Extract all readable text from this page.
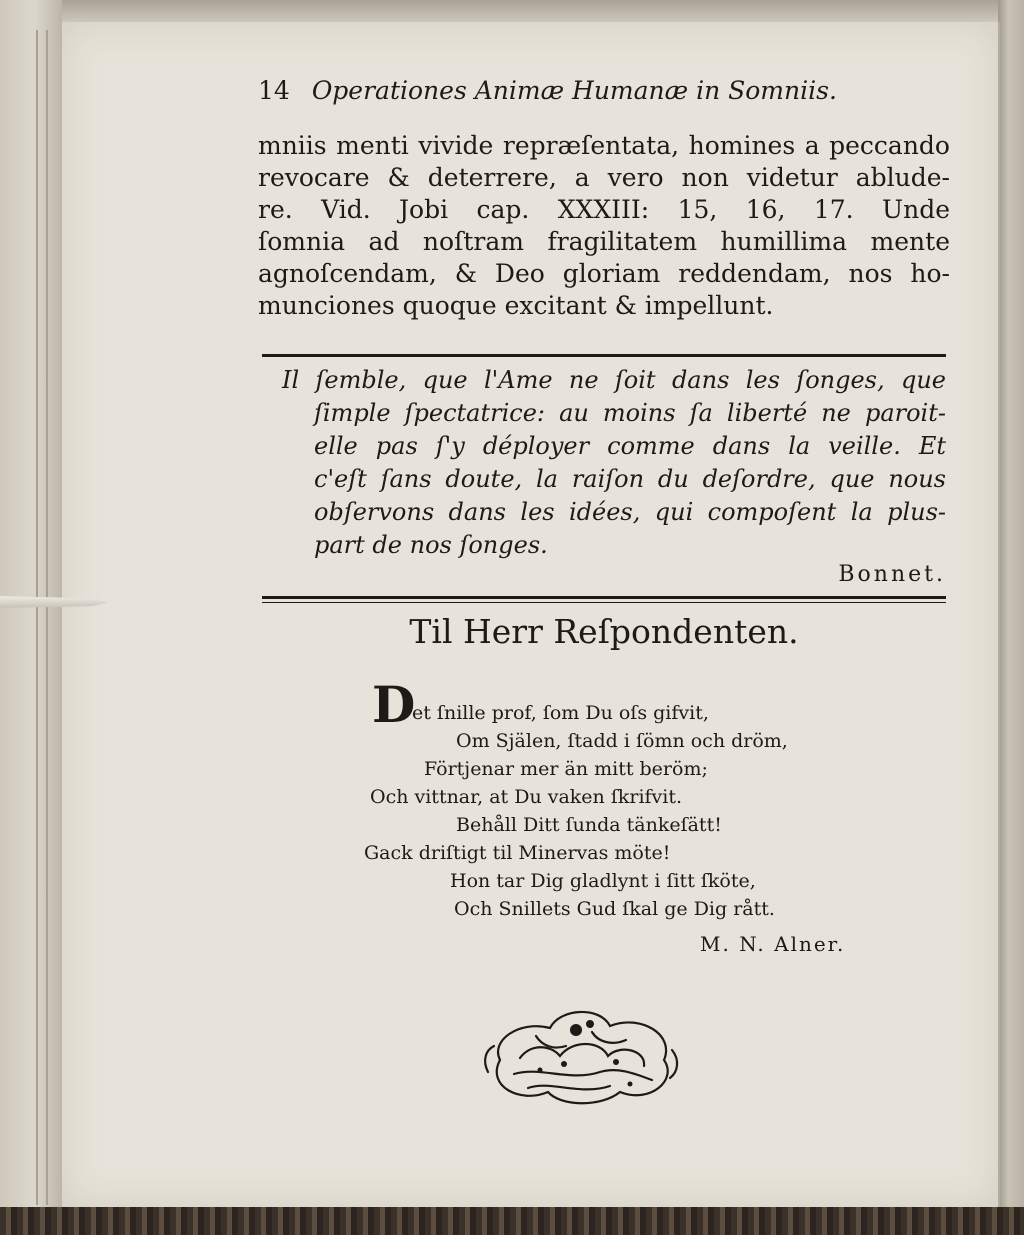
14 Operationes Animæ Humanæ in Somniis.
mniis menti vivide repræſentata, homines a peccando
revocare & deterrere, a vero non videtur ablude-
re. Vid. Jobi cap. XXXIII: 15, 16, 17. Unde
ſomnia ad noſtram fragilitatem humillima mente
agnoſcendam, & Deo gloriam reddendam, nos ho-
munciones quoque excitant & impellunt.
Il ſemble, que l'Ame ne ſoit dans les ſonges, que
ſimple ſpectatrice: au moins ſa liberté ne paroit-
elle pas ſ'y déployer comme dans la veille. Et
c'eſt ſans doute, la raiſon du deſordre, que nous
obſervons dans les idées, qui compoſent la plus-
part de nos ſonges.
Bonnet.
Til Herr Reſpondenten.
D
et ſnille prof, ſom Du oſs gifvit,
Om Själen, ſtadd i ſömn och dröm,
Förtjenar mer än mitt beröm;
Och vittnar, at Du vaken ſkrifvit.
Behåll Ditt ſunda tänkeſätt!
Gack driſtigt til Minervas möte!
Hon tar Dig gladlynt i ſitt ſköte,
Och Snillets Gud ſkal ge Dig rått.
M. N. Alner.
